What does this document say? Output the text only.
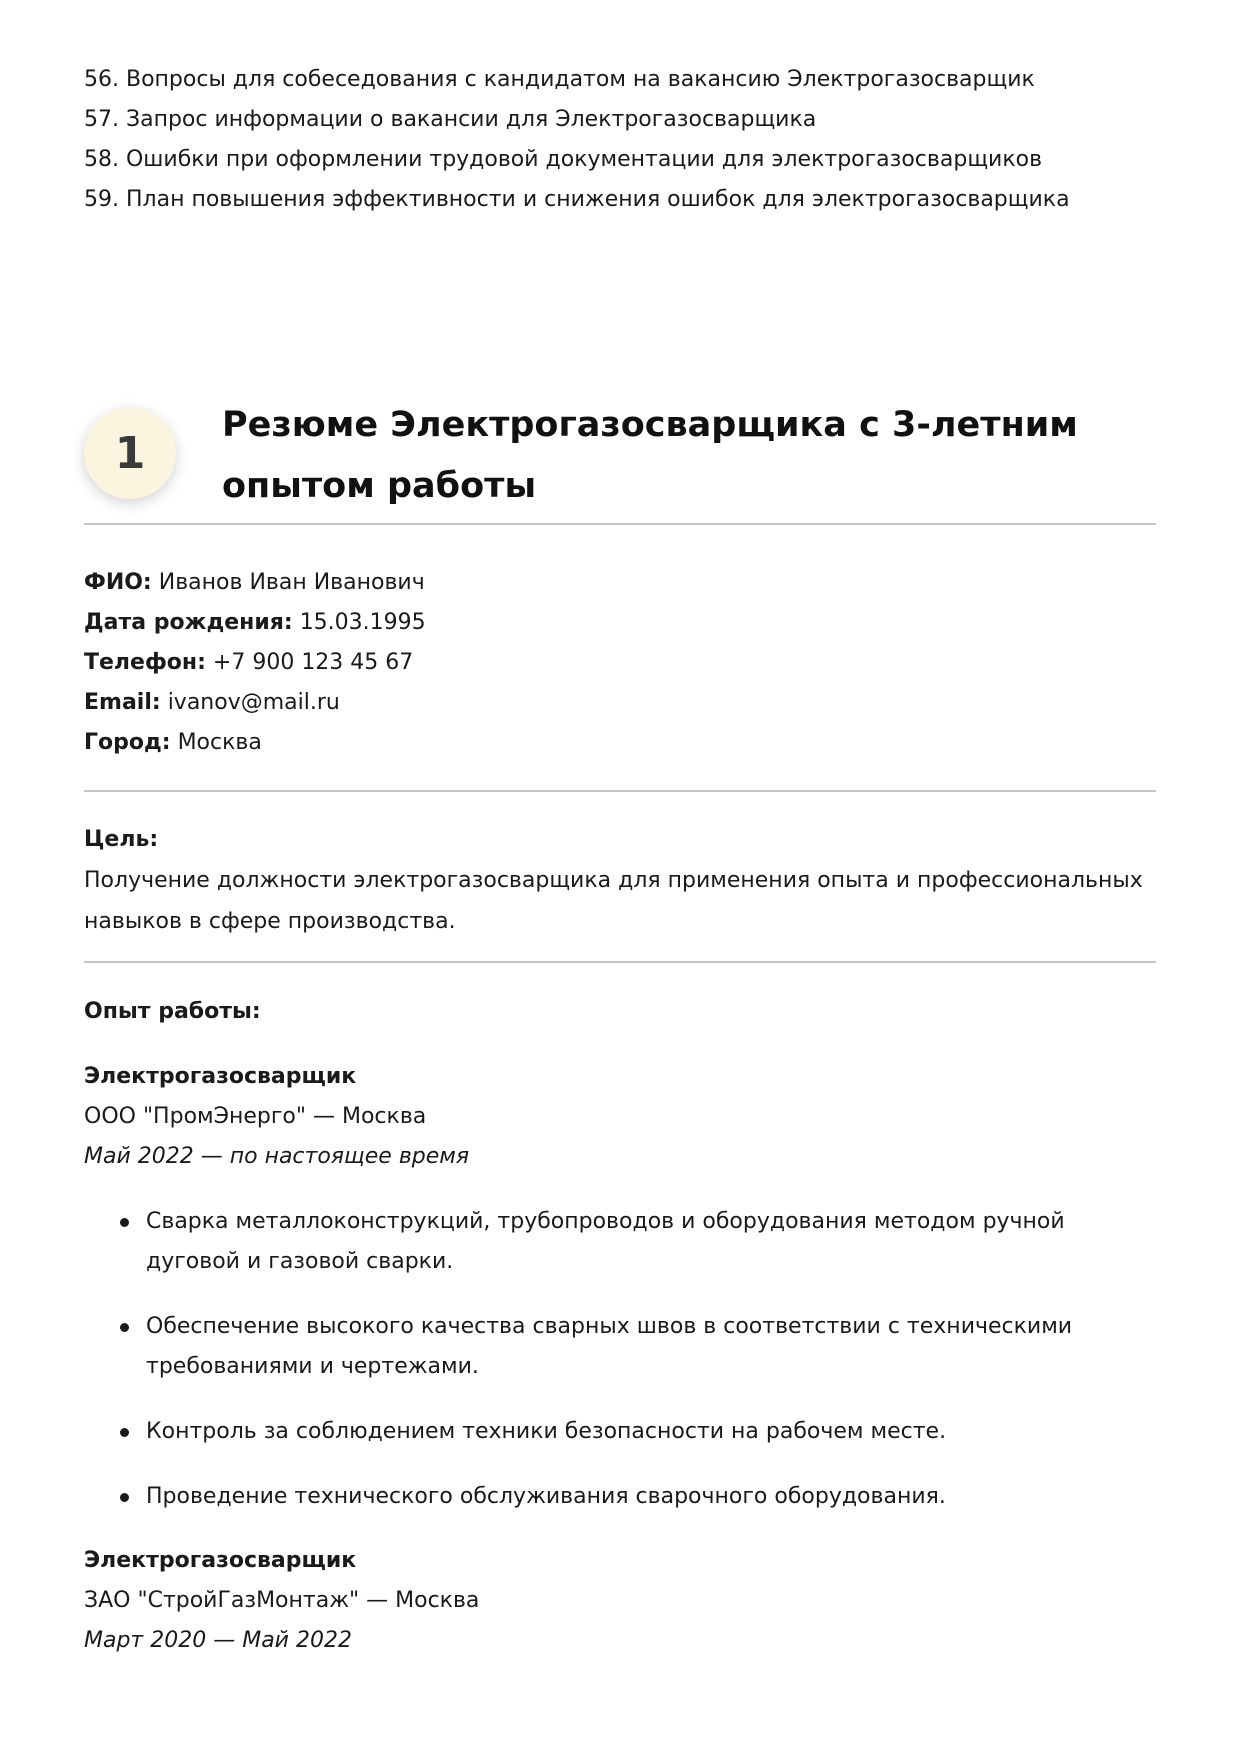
56. Вопросы для собеседования с кандидатом на вакансию Электрогазосварщик
57. Запрос информации о вакансии для Электрогазосварщика
58. Ошибки при оформлении трудовой документации для электрогазосварщиков
59. План повышения эффективности и снижения ошибок для электрогазосварщика
1
Резюме Электрогазосварщика с 3-летним опытом работы
ФИО: Иванов Иван Иванович
Дата рождения: 15.03.1995
Телефон: +7 900 123 45 67
Email: ivanov@mail.ru
Город: Москва
Цель:

Получение должности электрогазосварщика для применения опыта и профессиональных навыков в сфере производства.

Опыт работы:
Электрогазосварщик
ООО "ПромЭнерго" — Москва
Май 2022 — по настоящее время
Сварка металлоконструкций, трубопроводов и оборудования методом ручной дуговой и газовой сварки.
Обеспечение высокого качества сварных швов в соответствии с техническими требованиями и чертежами.
Контроль за соблюдением техники безопасности на рабочем месте.
Проведение технического обслуживания сварочного оборудования.
Электрогазосварщик
ЗАО "СтройГазМонтаж" — Москва
Март 2020 — Май 2022
